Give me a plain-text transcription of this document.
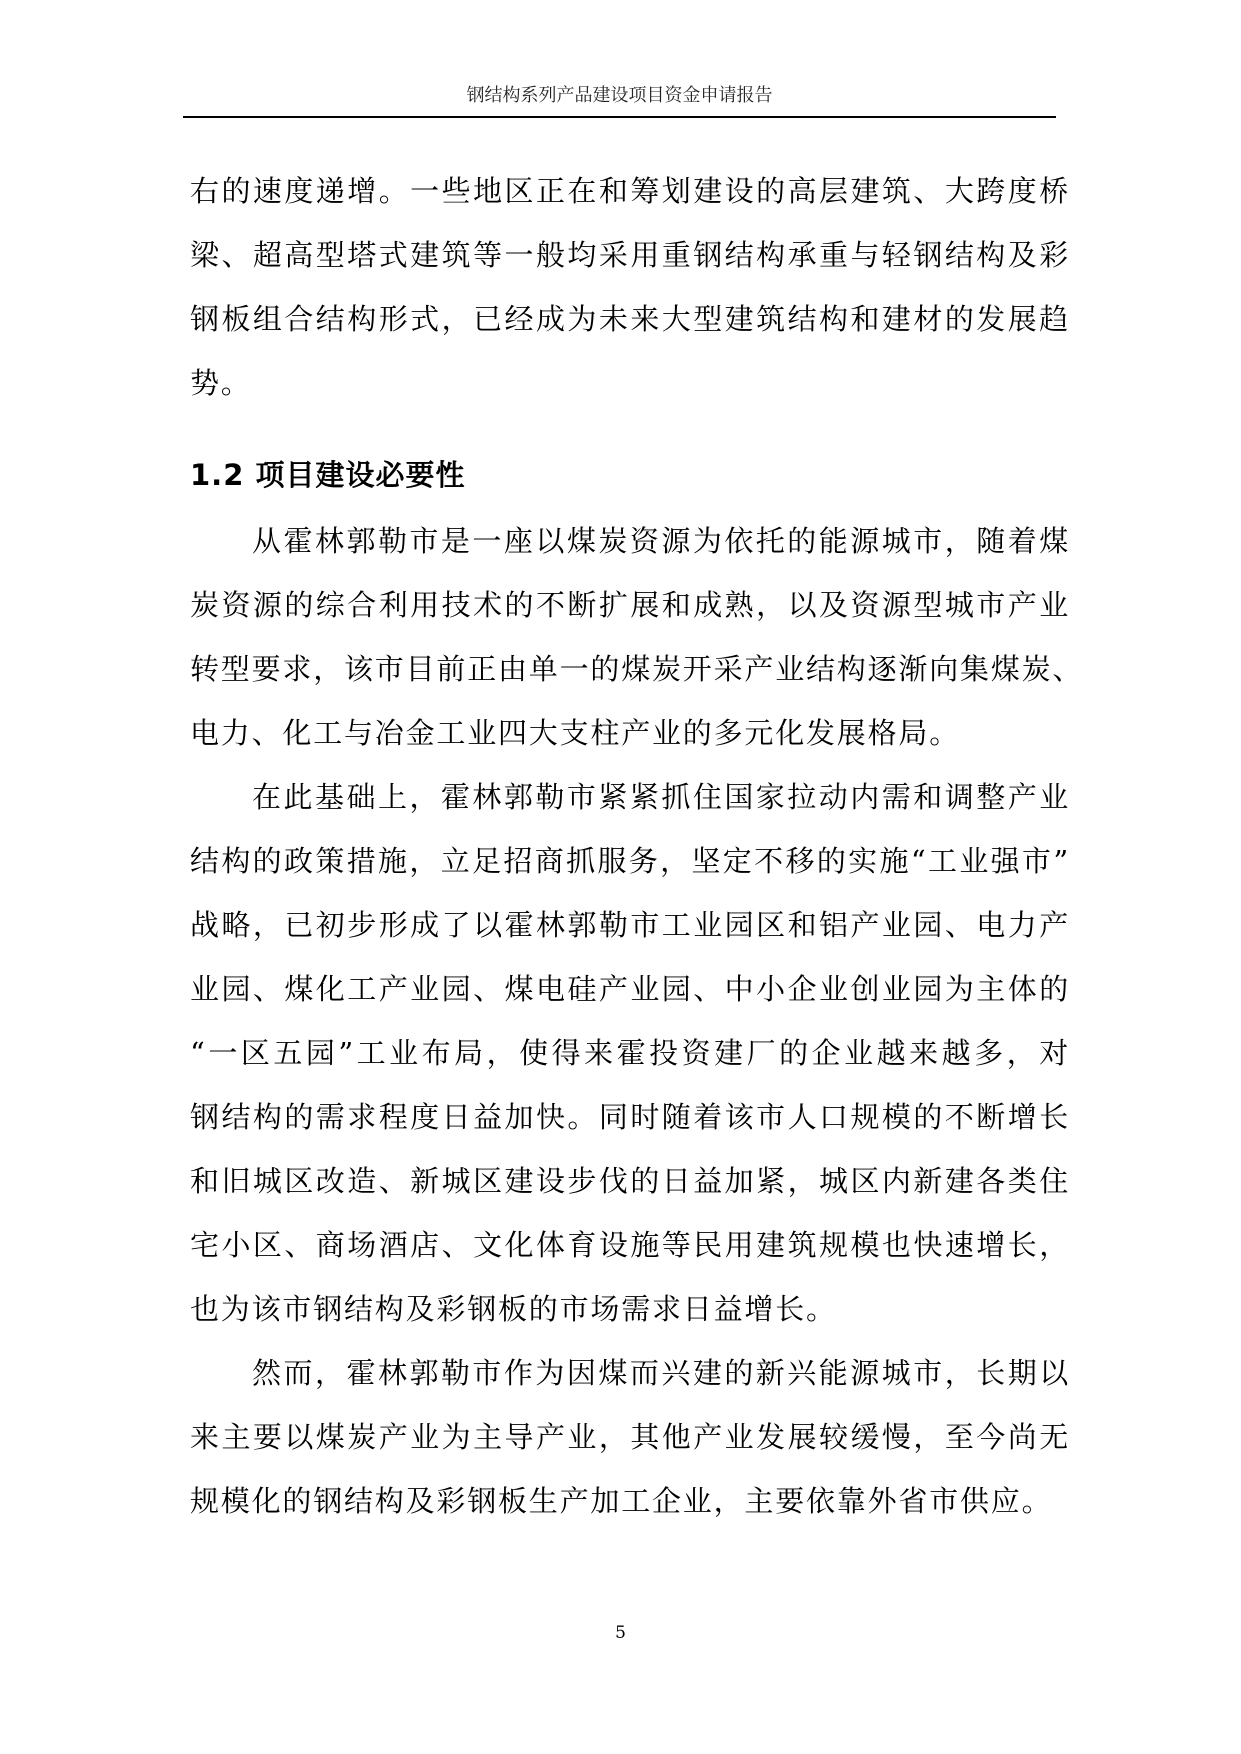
钢结构系列产品建设项目资金申请报告

右的速度递增。一些地区正在和筹划建设的高层建筑、大跨度桥

梁、超高型塔式建筑等一般均采用重钢结构承重与轻钢结构及彩

钢板组合结构形式，已经成为未来大型建筑结构和建材的发展趋

势。

1.2 项目建设必要性

从霍林郭勒市是一座以煤炭资源为依托的能源城市，随着煤

炭资源的综合利用技术的不断扩展和成熟，以及资源型城市产业

转型要求，该市目前正由单一的煤炭开采产业结构逐渐向集煤炭、

电力、化工与冶金工业四大支柱产业的多元化发展格局。

在此基础上，霍林郭勒市紧紧抓住国家拉动内需和调整产业

结构的政策措施，立足招商抓服务，坚定不移的实施“工业强市”

战略，已初步形成了以霍林郭勒市工业园区和铝产业园、电力产

业园、煤化工产业园、煤电硅产业园、中小企业创业园为主体的

“一区五园”工业布局，使得来霍投资建厂的企业越来越多，对

钢结构的需求程度日益加快。同时随着该市人口规模的不断增长

和旧城区改造、新城区建设步伐的日益加紧，城区内新建各类住

宅小区、商场酒店、文化体育设施等民用建筑规模也快速增长，

也为该市钢结构及彩钢板的市场需求日益增长。

然而，霍林郭勒市作为因煤而兴建的新兴能源城市，长期以

来主要以煤炭产业为主导产业，其他产业发展较缓慢，至今尚无

规模化的钢结构及彩钢板生产加工企业，主要依靠外省市供应。

5
